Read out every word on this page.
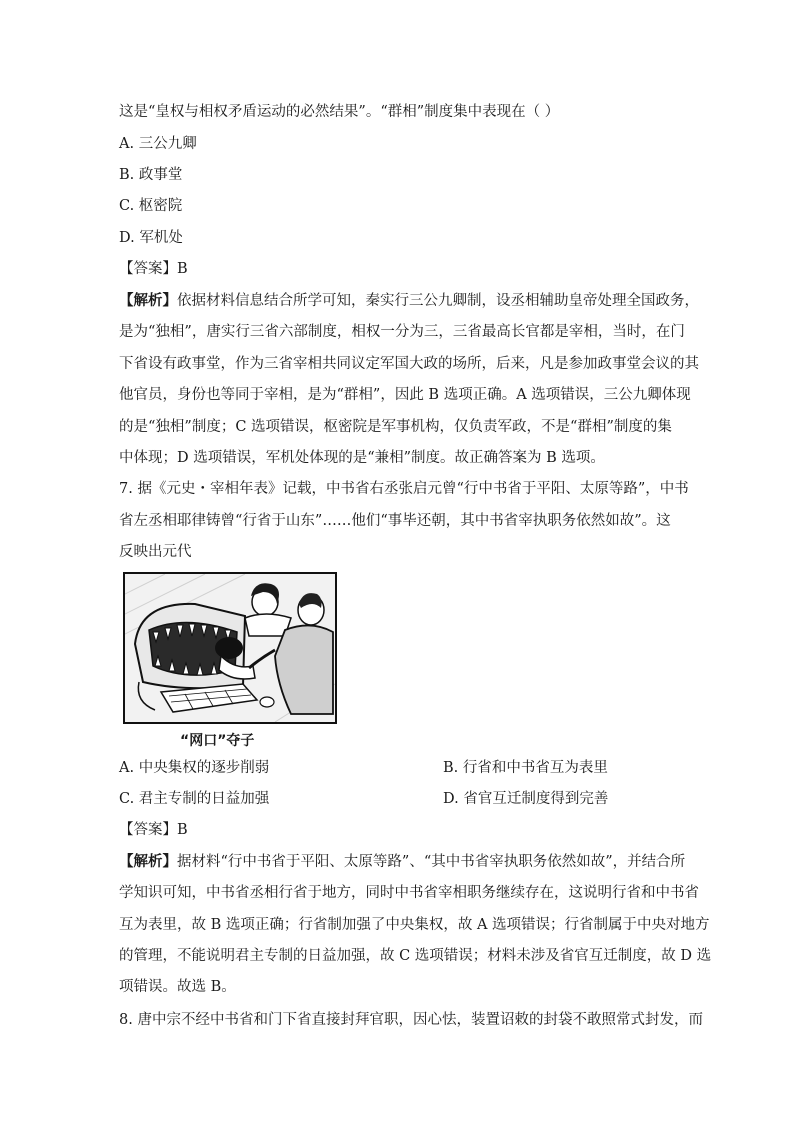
这是“皇权与相权矛盾运动的必然结果”。“群相”制度集中表现在（ ）
A. 三公九卿
B. 政事堂
C. 枢密院
D. 军机处
【答案】B
【解析】依据材料信息结合所学可知，秦实行三公九卿制，设丞相辅助皇帝处理全国政务，
是为“独相”，唐实行三省六部制度，相权一分为三，三省最高长官都是宰相，当时，在门
下省设有政事堂，作为三省宰相共同议定军国大政的场所，后来，凡是参加政事堂会议的其
他官员，身份也等同于宰相，是为“群相”，因此 B 选项正确。A 选项错误，三公九卿体现
的是“独相”制度；C 选项错误，枢密院是军事机构，仅负责军政，不是“群相”制度的集
中体现；D 选项错误，军机处体现的是“兼相”制度。故正确答案为 B 选项。
7. 据《元史・宰相年表》记载，中书省右丞张启元曾“行中书省于平阳、太原等路”，中书
省左丞相耶律铸曾“行省于山东”……他们“事毕还朝，其中书省宰执职务依然如故”。这
反映出元代
“网口”夺子
A. 中央集权的逐步削弱	B. 行省和中书省互为表里
C. 君主专制的日益加强	D. 省官互迁制度得到完善
【答案】B
【解析】据材料“行中书省于平阳、太原等路”、“其中书省宰执职务依然如故”，并结合所
学知识可知，中书省丞相行省于地方，同时中书省宰相职务继续存在，这说明行省和中书省
互为表里，故 B 选项正确；行省制加强了中央集权，故 A 选项错误；行省制属于中央对地方
的管理，不能说明君主专制的日益加强，故 C 选项错误；材料未涉及省官互迁制度，故 D 选
项错误。故选 B。
8. 唐中宗不经中书省和门下省直接封拜官职，因心怯，装置诏敕的封袋不敢照常式封发，而
